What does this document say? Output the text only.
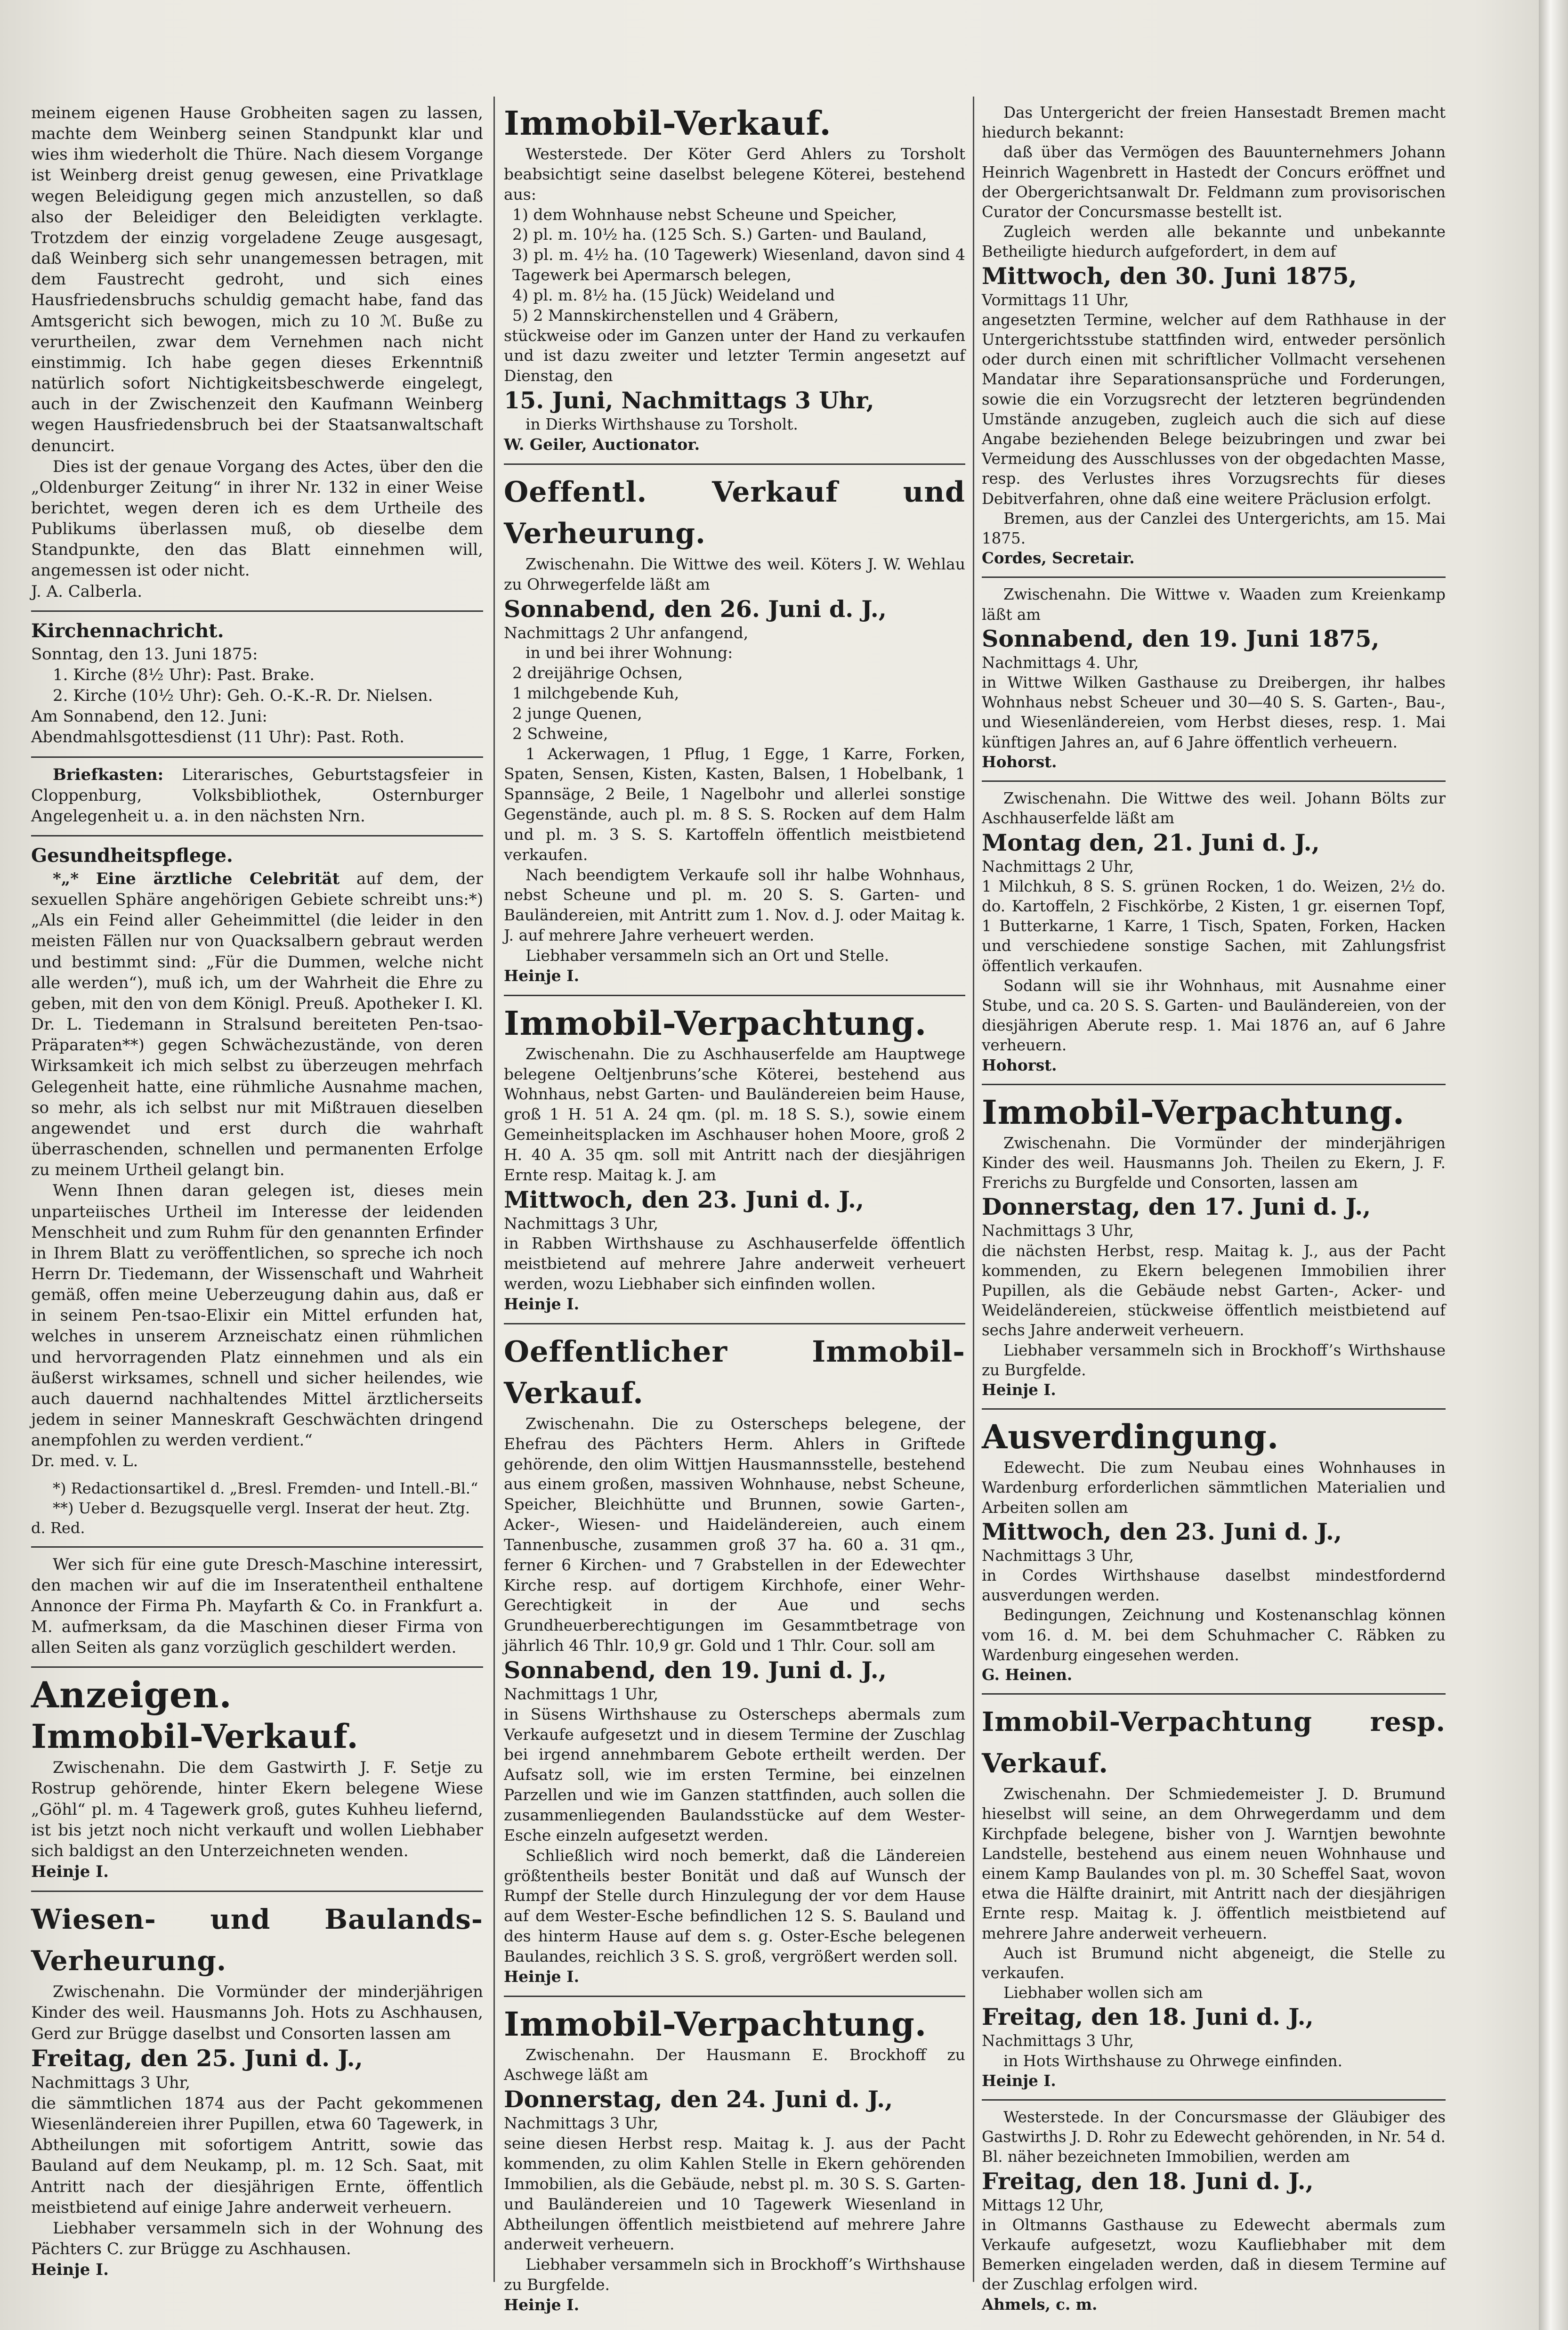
meinem eigenen Hause Grobheiten sagen zu lassen, machte dem Weinberg seinen Standpunkt klar und wies ihm wiederholt die Thüre. Nach diesem Vorgange ist Weinberg dreist genug gewesen, eine Privatklage wegen Beleidigung gegen mich anzustellen, so daß also der Beleidiger den Beleidigten verklagte. Trotzdem der einzig vorgeladene Zeuge ausgesagt, daß Weinberg sich sehr unangemessen betragen, mit dem Faustrecht gedroht, und sich eines Hausfriedensbruchs schuldig gemacht habe, fand das Amtsgericht sich bewogen, mich zu 10 ℳ. Buße zu verurtheilen, zwar dem Vernehmen nach nicht einstimmig. Ich habe gegen dieses Erkenntniß natürlich sofort Nichtigkeitsbeschwerde eingelegt, auch in der Zwischenzeit den Kaufmann Weinberg wegen Hausfriedensbruch bei der Staatsanwaltschaft denuncirt.

Dies ist der genaue Vorgang des Actes, über den die „Oldenburger Zeitung“ in ihrer Nr. 132 in einer Weise berichtet, wegen deren ich es dem Urtheile des Publikums überlassen muß, ob dieselbe dem Standpunkte, den das Blatt einnehmen will, angemessen ist oder nicht.

J. A. Calberla.

Kirchennachricht.

Sonntag, den 13. Juni 1875:

1. Kirche (8½ Uhr): Past. Brake.

2. Kirche (10½ Uhr): Geh. O.-K.-R. Dr. Nielsen.

Am Sonnabend, den 12. Juni:

Abendmahlsgottesdienst (11 Uhr): Past. Roth.

Briefkasten: Literarisches, Geburtstagsfeier in Cloppenburg, Volksbibliothek, Osternburger Angelegenheit u. a. in den nächsten Nrn.

Gesundheitspflege.

*„* Eine ärztliche Celebrität auf dem, der sexuellen Sphäre angehörigen Gebiete schreibt uns:*) „Als ein Feind aller Geheimmittel (die leider in den meisten Fällen nur von Quacksalbern gebraut werden und bestimmt sind: „Für die Dummen, welche nicht alle werden“), muß ich, um der Wahrheit die Ehre zu geben, mit den von dem Königl. Preuß. Apotheker I. Kl. Dr. L. Tiedemann in Stralsund bereiteten Pen-tsao-Präparaten**) gegen Schwächezustände, von deren Wirksamkeit ich mich selbst zu überzeugen mehrfach Gelegenheit hatte, eine rühmliche Ausnahme machen, so mehr, als ich selbst nur mit Mißtrauen dieselben angewendet und erst durch die wahrhaft überraschenden, schnellen und permanenten Erfolge zu meinem Urtheil gelangt bin.

Wenn Ihnen daran gelegen ist, dieses mein unparteiisches Urtheil im Interesse der leidenden Menschheit und zum Ruhm für den genannten Erfinder in Ihrem Blatt zu veröffentlichen, so spreche ich noch Herrn Dr. Tiedemann, der Wissenschaft und Wahrheit gemäß, offen meine Ueberzeugung dahin aus, daß er in seinem Pen-tsao-Elixir ein Mittel erfunden hat, welches in unserem Arzneischatz einen rühmlichen und hervorragenden Platz einnehmen und als ein äußerst wirksames, schnell und sicher heilendes, wie auch dauernd nachhaltendes Mittel ärztlicherseits jedem in seiner Manneskraft Geschwächten dringend anempfohlen zu werden verdient.“

Dr. med. v. L.

*) Redactionsartikel d. „Bresl. Fremden- und Intell.-Bl.“

**) Ueber d. Bezugsquelle vergl. Inserat der heut. Ztg.

d. Red.

Wer sich für eine gute Dresch-Maschine interessirt, den machen wir auf die im Inseratentheil enthaltene Annonce der Firma Ph. Mayfarth & Co. in Frankfurt a. M. aufmerksam, da die Maschinen dieser Firma von allen Seiten als ganz vorzüglich geschildert werden.

Anzeigen.

Immobil-Verkauf.

Zwischenahn. Die dem Gastwirth J. F. Setje zu Rostrup gehörende, hinter Ekern belegene Wiese „Göhl“ pl. m. 4 Tagewerk groß, gutes Kuhheu liefernd, ist bis jetzt noch nicht verkauft und wollen Liebhaber sich baldigst an den Unterzeichneten wenden.

Heinje I.

Wiesen- und Baulands-Verheurung.

Zwischenahn. Die Vormünder der minderjährigen Kinder des weil. Hausmanns Joh. Hots zu Aschhausen, Gerd zur Brügge daselbst und Consorten lassen am

Freitag, den 25. Juni d. J.,

Nachmittags 3 Uhr,

die sämmtlichen 1874 aus der Pacht gekommenen Wiesenländereien ihrer Pupillen, etwa 60 Tagewerk, in Abtheilungen mit sofortigem Antritt, sowie das Bauland auf dem Neukamp, pl. m. 12 Sch. Saat, mit Antritt nach der diesjährigen Ernte, öffentlich meistbietend auf einige Jahre anderweit verheuern.

Liebhaber versammeln sich in der Wohnung des Pächters C. zur Brügge zu Aschhausen.

Heinje I.

Immobil-Verkauf.

Westerstede. Der Köter Gerd Ahlers zu Torsholt beabsichtigt seine daselbst belegene Köterei, bestehend aus:

1) dem Wohnhause nebst Scheune und Speicher,

2) pl. m. 10½ ha. (125 Sch. S.) Garten- und Bauland,

3) pl. m. 4½ ha. (10 Tagewerk) Wiesenland, davon sind 4 Tagewerk bei Apermarsch belegen,

4) pl. m. 8½ ha. (15 Jück) Weideland und

5) 2 Mannskirchenstellen und 4 Gräbern,

stückweise oder im Ganzen unter der Hand zu verkaufen und ist dazu zweiter und letzter Termin angesetzt auf Dienstag, den

15. Juni, Nachmittags 3 Uhr,

in Dierks Wirthshause zu Torsholt.

W. Geiler, Auctionator.

Oeffentl. Verkauf und Verheurung.

Zwischenahn. Die Wittwe des weil. Köters J. W. Wehlau zu Ohrwegerfelde läßt am

Sonnabend, den 26. Juni d. J.,

Nachmittags 2 Uhr anfangend,

in und bei ihrer Wohnung:

2 dreijährige Ochsen,

1 milchgebende Kuh,

2 junge Quenen,

2 Schweine,

1 Ackerwagen, 1 Pflug, 1 Egge, 1 Karre, Forken, Spaten, Sensen, Kisten, Kasten, Balsen, 1 Hobelbank, 1 Spannsäge, 2 Beile, 1 Nagelbohr und allerlei sonstige Gegenstände, auch pl. m. 8 S. S. Rocken auf dem Halm und pl. m. 3 S. S. Kartoffeln öffentlich meistbietend verkaufen.

Nach beendigtem Verkaufe soll ihr halbe Wohnhaus, nebst Scheune und pl. m. 20 S. S. Garten- und Bauländereien, mit Antritt zum 1. Nov. d. J. oder Maitag k. J. auf mehrere Jahre verheuert werden.

Liebhaber versammeln sich an Ort und Stelle.

Heinje I.

Immobil-Verpachtung.

Zwischenahn. Die zu Aschhauserfelde am Hauptwege belegene Oeltjenbruns’sche Köterei, bestehend aus Wohnhaus, nebst Garten- und Bauländereien beim Hause, groß 1 H. 51 A. 24 qm. (pl. m. 18 S. S.), sowie einem Gemeinheitsplacken im Aschhauser hohen Moore, groß 2 H. 40 A. 35 qm. soll mit Antritt nach der diesjährigen Ernte resp. Maitag k. J. am

Mittwoch, den 23. Juni d. J.,

Nachmittags 3 Uhr,

in Rabben Wirthshause zu Aschhauserfelde öffentlich meistbietend auf mehrere Jahre anderweit verheuert werden, wozu Liebhaber sich einfinden wollen.

Heinje I.

Oeffentlicher Immobil-Verkauf.

Zwischenahn. Die zu Osterscheps belegene, der Ehefrau des Pächters Herm. Ahlers in Griftede gehörende, den olim Wittjen Hausmannsstelle, bestehend aus einem großen, massiven Wohnhause, nebst Scheune, Speicher, Bleichhütte und Brunnen, sowie Garten-, Acker-, Wiesen- und Haideländereien, auch einem Tannenbusche, zusammen groß 37 ha. 60 a. 31 qm., ferner 6 Kirchen- und 7 Grabstellen in der Edewechter Kirche resp. auf dortigem Kirchhofe, einer Wehr-Gerechtigkeit in der Aue und sechs Grundheuerberechtigungen im Gesammtbetrage von jährlich 46 Thlr. 10,9 gr. Gold und 1 Thlr. Cour. soll am

Sonnabend, den 19. Juni d. J.,

Nachmittags 1 Uhr,

in Süsens Wirthshause zu Osterscheps abermals zum Verkaufe aufgesetzt und in diesem Termine der Zuschlag bei irgend annehmbarem Gebote ertheilt werden. Der Aufsatz soll, wie im ersten Termine, bei einzelnen Parzellen und wie im Ganzen stattfinden, auch sollen die zusammenliegenden Baulandsstücke auf dem Wester-Esche einzeln aufgesetzt werden.

Schließlich wird noch bemerkt, daß die Ländereien größtentheils bester Bonität und daß auf Wunsch der Rumpf der Stelle durch Hinzulegung der vor dem Hause auf dem Wester-Esche befindlichen 12 S. S. Bauland und des hinterm Hause auf dem s. g. Oster-Esche belegenen Baulandes, reichlich 3 S. S. groß, vergrößert werden soll.

Heinje I.

Immobil-Verpachtung.

Zwischenahn. Der Hausmann E. Brockhoff zu Aschwege läßt am

Donnerstag, den 24. Juni d. J.,

Nachmittags 3 Uhr,

seine diesen Herbst resp. Maitag k. J. aus der Pacht kommenden, zu olim Kahlen Stelle in Ekern gehörenden Immobilien, als die Gebäude, nebst pl. m. 30 S. S. Garten- und Bauländereien und 10 Tagewerk Wiesenland in Abtheilungen öffentlich meistbietend auf mehrere Jahre anderweit verheuern.

Liebhaber versammeln sich in Brockhoff’s Wirthshause zu Burgfelde.

Heinje I.

Das Untergericht der freien Hansestadt Bremen macht hiedurch bekannt:

daß über das Vermögen des Bauunternehmers Johann Heinrich Wagenbrett in Hastedt der Concurs eröffnet und der Obergerichtsanwalt Dr. Feldmann zum provisorischen Curator der Concursmasse bestellt ist.

Zugleich werden alle bekannte und unbekannte Betheiligte hiedurch aufgefordert, in dem auf

Mittwoch, den 30. Juni 1875,

Vormittags 11 Uhr,

angesetzten Termine, welcher auf dem Rathhause in der Untergerichtsstube stattfinden wird, entweder persönlich oder durch einen mit schriftlicher Vollmacht versehenen Mandatar ihre Separationsansprüche und Forderungen, sowie die ein Vorzugsrecht der letzteren begründenden Umstände anzugeben, zugleich auch die sich auf diese Angabe beziehenden Belege beizubringen und zwar bei Vermeidung des Ausschlusses von der obgedachten Masse, resp. des Verlustes ihres Vorzugsrechts für dieses Debitverfahren, ohne daß eine weitere Präclusion erfolgt.

Bremen, aus der Canzlei des Untergerichts, am 15. Mai 1875.

Cordes, Secretair.

Zwischenahn. Die Wittwe v. Waaden zum Kreienkamp läßt am

Sonnabend, den 19. Juni 1875,

Nachmittags 4. Uhr,

in Wittwe Wilken Gasthause zu Dreibergen, ihr halbes Wohnhaus nebst Scheuer und 30—40 S. S. Garten-, Bau-, und Wiesenländereien, vom Herbst dieses, resp. 1. Mai künftigen Jahres an, auf 6 Jahre öffentlich verheuern.

Hohorst.

Zwischenahn. Die Wittwe des weil. Johann Bölts zur Aschhauserfelde läßt am

Montag den, 21. Juni d. J.,

Nachmittags 2 Uhr,

1 Milchkuh, 8 S. S. grünen Rocken, 1 do. Weizen, 2½ do. do. Kartoffeln, 2 Fischkörbe, 2 Kisten, 1 gr. eisernen Topf, 1 Butterkarne, 1 Karre, 1 Tisch, Spaten, Forken, Hacken und verschiedene sonstige Sachen, mit Zahlungsfrist öffentlich verkaufen.

Sodann will sie ihr Wohnhaus, mit Ausnahme einer Stube, und ca. 20 S. S. Garten- und Bauländereien, von der diesjährigen Aberute resp. 1. Mai 1876 an, auf 6 Jahre verheuern.

Hohorst.

Immobil-Verpachtung.

Zwischenahn. Die Vormünder der minderjährigen Kinder des weil. Hausmanns Joh. Theilen zu Ekern, J. F. Frerichs zu Burgfelde und Consorten, lassen am

Donnerstag, den 17. Juni d. J.,

Nachmittags 3 Uhr,

die nächsten Herbst, resp. Maitag k. J., aus der Pacht kommenden, zu Ekern belegenen Immobilien ihrer Pupillen, als die Gebäude nebst Garten-, Acker- und Weideländereien, stückweise öffentlich meistbietend auf sechs Jahre anderweit verheuern.

Liebhaber versammeln sich in Brockhoff’s Wirthshause zu Burgfelde.

Heinje I.

Ausverdingung.

Edewecht. Die zum Neubau eines Wohnhauses in Wardenburg erforderlichen sämmtlichen Materialien und Arbeiten sollen am

Mittwoch, den 23. Juni d. J.,

Nachmittags 3 Uhr,

in Cordes Wirthshause daselbst mindestfordernd ausverdungen werden.

Bedingungen, Zeichnung und Kostenanschlag können vom 16. d. M. bei dem Schuhmacher C. Räbken zu Wardenburg eingesehen werden.

G. Heinen.

Immobil-Verpachtung resp. Verkauf.

Zwischenahn. Der Schmiedemeister J. D. Brumund hieselbst will seine, an dem Ohrwegerdamm und dem Kirchpfade belegene, bisher von J. Warntjen bewohnte Landstelle, bestehend aus einem neuen Wohnhause und einem Kamp Baulandes von pl. m. 30 Scheffel Saat, wovon etwa die Hälfte drainirt, mit Antritt nach der diesjährigen Ernte resp. Maitag k. J. öffentlich meistbietend auf mehrere Jahre anderweit verheuern.

Auch ist Brumund nicht abgeneigt, die Stelle zu verkaufen.

Liebhaber wollen sich am

Freitag, den 18. Juni d. J.,

Nachmittags 3 Uhr,

in Hots Wirthshause zu Ohrwege einfinden.

Heinje I.

Westerstede. In der Concursmasse der Gläubiger des Gastwirths J. D. Rohr zu Edewecht gehörenden, in Nr. 54 d. Bl. näher bezeichneten Immobilien, werden am

Freitag, den 18. Juni d. J.,

Mittags 12 Uhr,

in Oltmanns Gasthause zu Edewecht abermals zum Verkaufe aufgesetzt, wozu Kaufliebhaber mit dem Bemerken eingeladen werden, daß in diesem Termine auf der Zuschlag erfolgen wird.

Ahmels, c. m.
